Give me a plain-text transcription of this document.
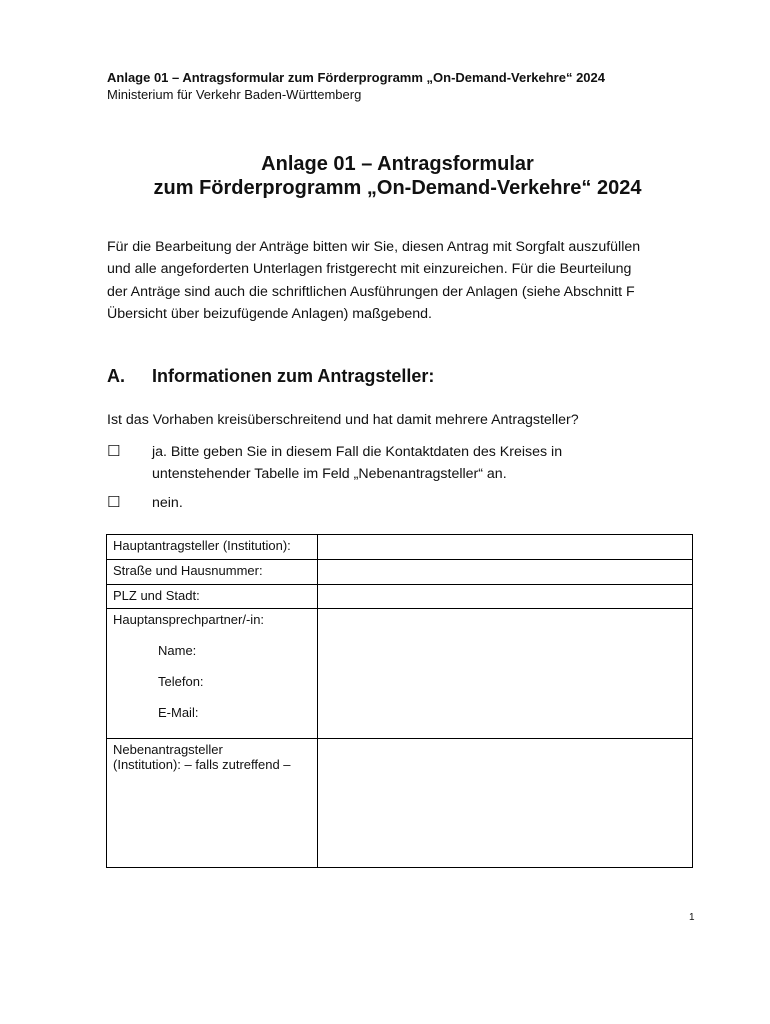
Anlage 01 – Antragsformular zum Förderprogramm „On-Demand-Verkehre“ 2024
Ministerium für Verkehr Baden-Württemberg
Anlage 01 – Antragsformular
zum Förderprogramm „On-Demand-Verkehre“ 2024
Für die Bearbeitung der Anträge bitten wir Sie, diesen Antrag mit Sorgfalt auszufüllen
und alle angeforderten Unterlagen fristgerecht mit einzureichen. Für die Beurteilung
der Anträge sind auch die schriftlichen Ausführungen der Anlagen (siehe Abschnitt F
Übersicht über beizufügende Anlagen) maßgebend.
A. Informationen zum Antragsteller:
Ist das Vorhaben kreisüberschreitend und hat damit mehrere Antragsteller?
☐ ja. Bitte geben Sie in diesem Fall die Kontaktdaten des Kreises in
untenstehender Tabelle im Feld „Nebenantragsteller“ an.
☐ nein.
Hauptantragsteller (Institution):	
Straße und Hausnummer:	
PLZ und Stadt:	

Hauptansprechpartner/-in:
Name:
Telefon:
E-Mail:	

Nebenantragsteller
(Institution): – falls zutreffend –	

1
